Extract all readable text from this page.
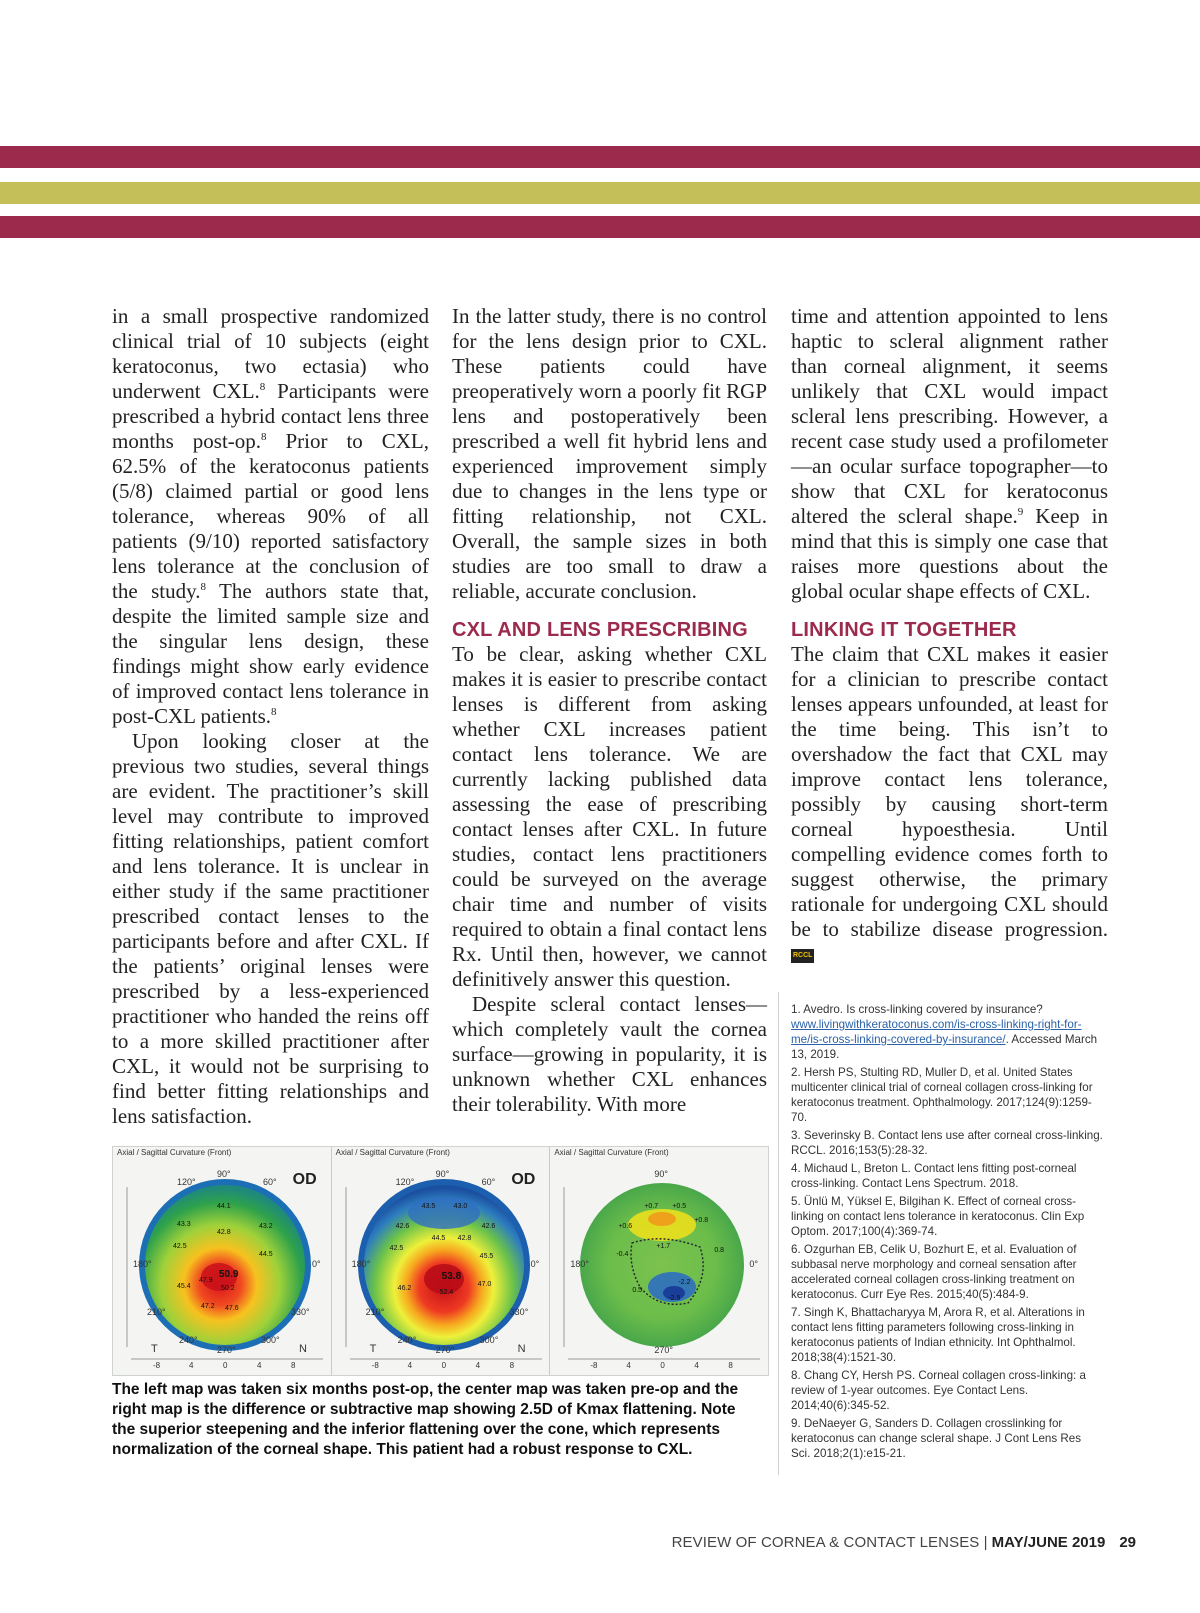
in a small prospective randomized clinical trial of 10 subjects (eight keratoconus, two ectasia) who underwent CXL.$^8$ Participants were prescribed a hybrid contact lens three months post-op.$^8$ Prior to CXL, 62.5% of the keratoconus patients (5/8) claimed partial or good lens tolerance, whereas 90% of all patients (9/10) reported satisfactory lens tolerance at the conclusion of the study.$^8$ The authors state that, despite the limited sample size and the singular lens design, these findings might show early evidence of improved contact lens tolerance in post-CXL patients.$^8$

Upon looking closer at the previous two studies, several things are evident. The practitioner’s skill level may contribute to improved fitting relationships, patient comfort and lens tolerance. It is unclear in either study if the same practitioner prescribed contact lenses to the participants before and after CXL. If the patients’ original lenses were prescribed by a less-experienced practitioner who handed the reins off to a more skilled practitioner after CXL, it would not be surprising to find better fitting relationships and lens satisfaction.

In the latter study, there is no control for the lens design prior to CXL. These patients could have preoperatively worn a poorly fit RGP lens and postoperatively been prescribed a well fit hybrid lens and experienced improvement simply due to changes in the lens type or fitting relationship, not CXL. Overall, the sample sizes in both studies are too small to draw a reliable, accurate conclusion.

CXL AND LENS PRESCRIBING

To be clear, asking whether CXL makes it is easier to prescribe contact lenses is different from asking whether CXL increases patient contact lens tolerance. We are currently lacking published data assessing the ease of prescribing contact lenses after CXL. In future studies, contact lens practitioners could be surveyed on the average chair time and number of visits required to obtain a final contact lens Rx. Until then, however, we cannot definitively answer this question.

Despite scleral contact lenses—which completely vault the cornea surface—growing in popularity, it is unknown whether CXL enhances their tolerability. With more

time and attention appointed to lens haptic to scleral alignment rather than corneal alignment, it seems unlikely that CXL would impact scleral lens prescribing. However, a recent case study used a profilometer—an ocular surface topographer—to show that CXL for keratoconus altered the scleral shape.$^9$ Keep in mind that this is simply one case that raises more questions about the global ocular shape effects of CXL.

LINKING IT TOGETHER

The claim that CXL makes it easier for a clinician to prescribe contact lenses appears unfounded, at least for the time being. This isn’t to overshadow the fact that CXL may improve contact lens tolerance, possibly by causing short-term corneal hypoesthesia. Until compelling evidence comes forth to suggest otherwise, the primary rationale for undergoing CXL should be to stabilize disease progression. RCCL

Axial / Sagittal Curvature (Front)
OD
90°
120°	60°
180°	0°
210°	330°
240°	300°
270°
T	N
44.1
43.3
42.8
42.5
43.2
44.5
50.9
47.9
50.2
45.4
47.2 47.6
-8	4	0	4	8
Axial / Sagittal Curvature (Front)
OD
90°
120°	60°
180°	0°
210°	330°
240°	300°
270°
T	N
43.5	43.0
42.6
42.5
42.6
45.5
53.8
46.2
52.4
47.0
44.5 42.8
-8	4	0	4	8
Axial / Sagittal Curvature (Front)
90°
180°	0°
270°
+0.7 +0.5
+0.6
+0.8
+1.7
0.8
-2.2
-2.5
-0.4
0.5
-8	4	0	4	8
The left map was taken six months post-op, the center map was taken pre-op and the right map is the difference or subtractive map showing 2.5D of Kmax flattening. Note the superior steepening and the inferior flattening over the cone, which represents normalization of the corneal shape. This patient had a robust response to CXL.

1. Avedro. Is cross-linking covered by insurance? www.livingwithkeratoconus.com/is-cross-linking-right-for-me/is-cross-linking-covered-by-insurance/. Accessed March 13, 2019.

2. Hersh PS, Stulting RD, Muller D, et al. United States multicenter clinical trial of corneal collagen cross-linking for keratoconus treatment. Ophthalmology. 2017;124(9):1259-70.

3. Severinsky B. Contact lens use after corneal cross-linking. RCCL. 2016;153(5):28-32.

4. Michaud L, Breton L. Contact lens fitting post-corneal cross-linking. Contact Lens Spectrum. 2018.

5. Ünlü M, Yüksel E, Bilgihan K. Effect of corneal cross-linking on contact lens tolerance in keratoconus. Clin Exp Optom. 2017;100(4):369-74.

6. Ozgurhan EB, Celik U, Bozhurt E, et al. Evaluation of subbasal nerve morphology and corneal sensation after accelerated corneal collagen cross-linking treatment on keratoconus. Curr Eye Res. 2015;40(5):484-9.

7. Singh K, Bhattacharyya M, Arora R, et al. Alterations in contact lens fitting parameters following cross-linking in keratoconus patients of Indian ethnicity. Int Ophthalmol. 2018;38(4):1521-30.

8. Chang CY, Hersh PS. Corneal collagen cross-linking: a review of 1-year outcomes. Eye Contact Lens. 2014;40(6):345-52.

9. DeNaeyer G, Sanders D. Collagen crosslinking for keratoconus can change scleral shape. J Cont Lens Res Sci. 2018;2(1):e15-21.

REVIEW OF CORNEA & CONTACT LENSES | MAY/JUNE 2019 29
